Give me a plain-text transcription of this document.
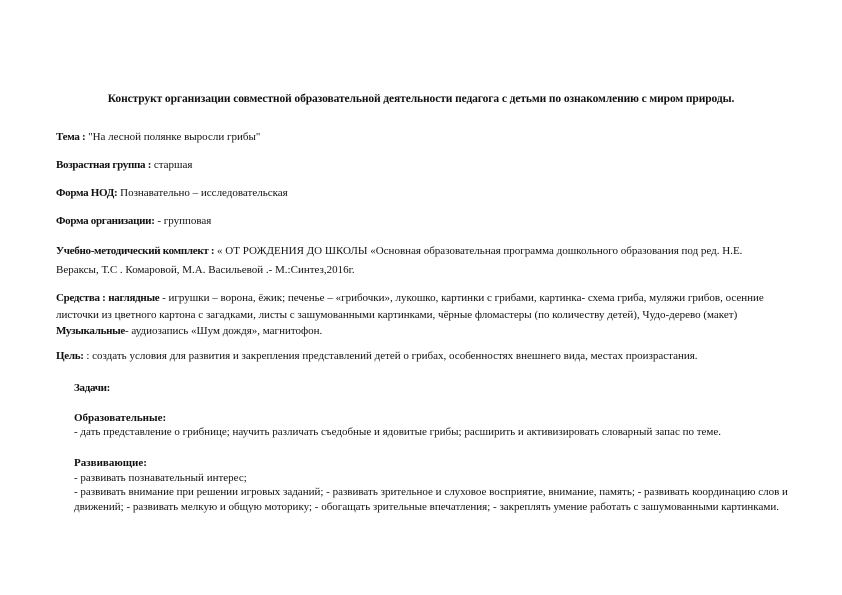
Конструкт организации совместной образовательной деятельности педагога с детьми по ознакомлению с миром природы.
Тема : "На лесной полянке выросли грибы"
Возрастная группа : старшая
Форма НОД: Познавательно – исследовательская
Форма организации: - групповая
Учебно-методический комплект : « ОТ РОЖДЕНИЯ ДО ШКОЛЫ «Основная образовательная программа дошкольного образования под ред. Н.Е. Вераксы, Т.С . Комаровой, М.А. Васильевой .- М.:Синтез,2016г.
Средства : наглядные - игрушки – ворона, ёжик; печенье – «грибочки», лукошко, картинки с грибами, картинка- схема гриба, муляжи грибов, осенние листочки из цветного картона с загадками, листы с зашумованными картинками, чёрные фломастеры (по количеству детей), Чудо-дерево (макет) Музыкальные- аудиозапись «Шум дождя», магнитофон.
Цель: : создать условия для развития и закрепления представлений детей о грибах, особенностях внешнего вида, местах произрастания.
Задачи:
Образовательные:
- дать представление о грибнице; научить различать съедобные и ядовитые грибы; расширить и активизировать словарный запас по теме.
Развивающие:
- развивать познавательный интерес;
- развивать внимание при решении игровых заданий; - развивать зрительное и слуховое восприятие, внимание, память; - развивать координацию слов и движений; - развивать мелкую и общую моторику; - обогащать зрительные впечатления; - закреплять умение работать с зашумованными картинками.
